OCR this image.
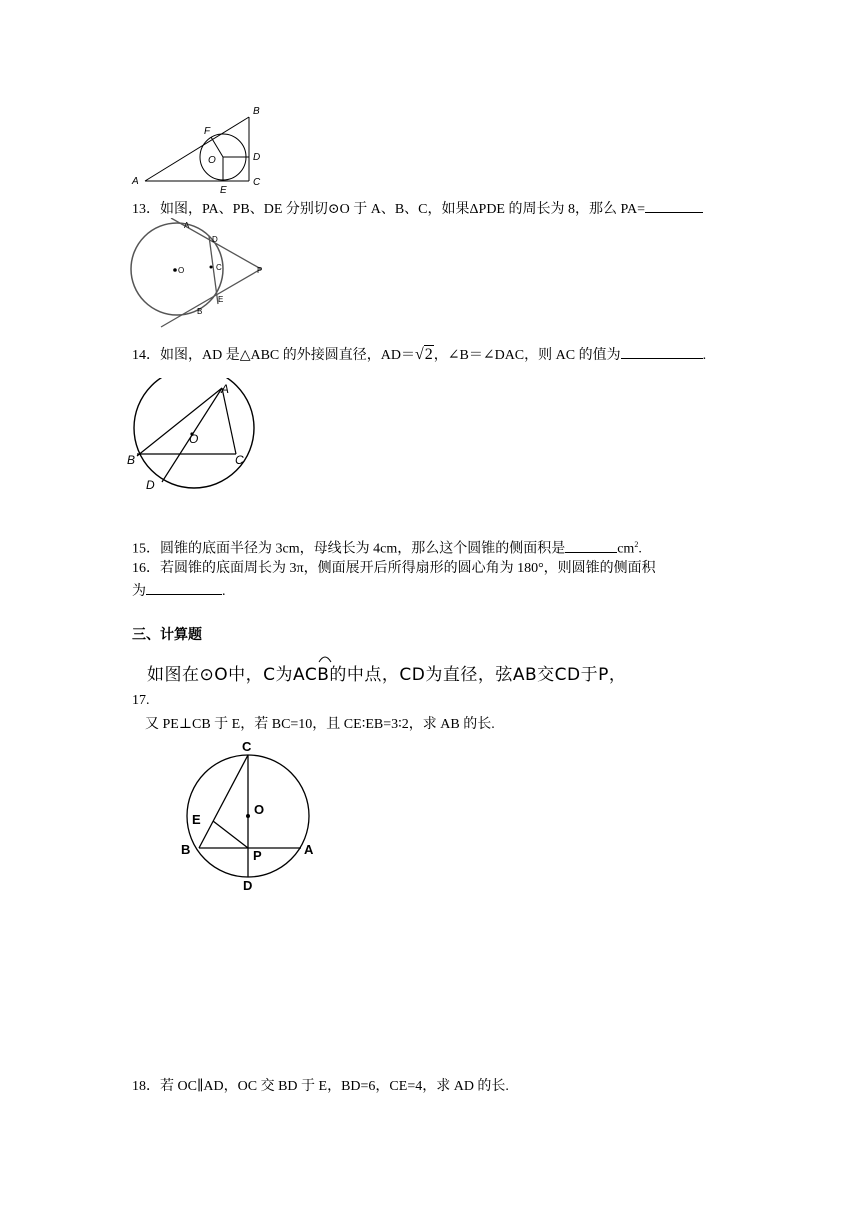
A
B
C
D
E
F
O
13．如图，PA、PB、DE 分别切⊙O 于 A、B、C，如果ΔPDE 的周长为 8，那么 PA=
A
B
C
D
E
P
O
14．如图，AD 是△ABC 的外接圆直径，AD＝√2，∠B＝∠DAC，则 AC 的值为	.
A
B	C
D
O
15．圆锥的底面半径为 3cm，母线长为 4cm，那么这个圆锥的侧面积是	$cm^2$.
16．若圆锥的底面周长为 3π，侧面展开后所得扇形的圆心角为 180°，则圆锥的侧面积
为	.
三、计算题
如图在⊙O中，C为ACB的中点，CD为直径，弦AB交CD于P，
17.
又 PE⊥CB 于 E，若 BC=10，且 CE∶EB=3∶2，求 AB 的长.
C
O
E
B	P	A
D
18．若 OC∥AD，OC 交 BD 于 E，BD=6，CE=4，求 AD 的长.
